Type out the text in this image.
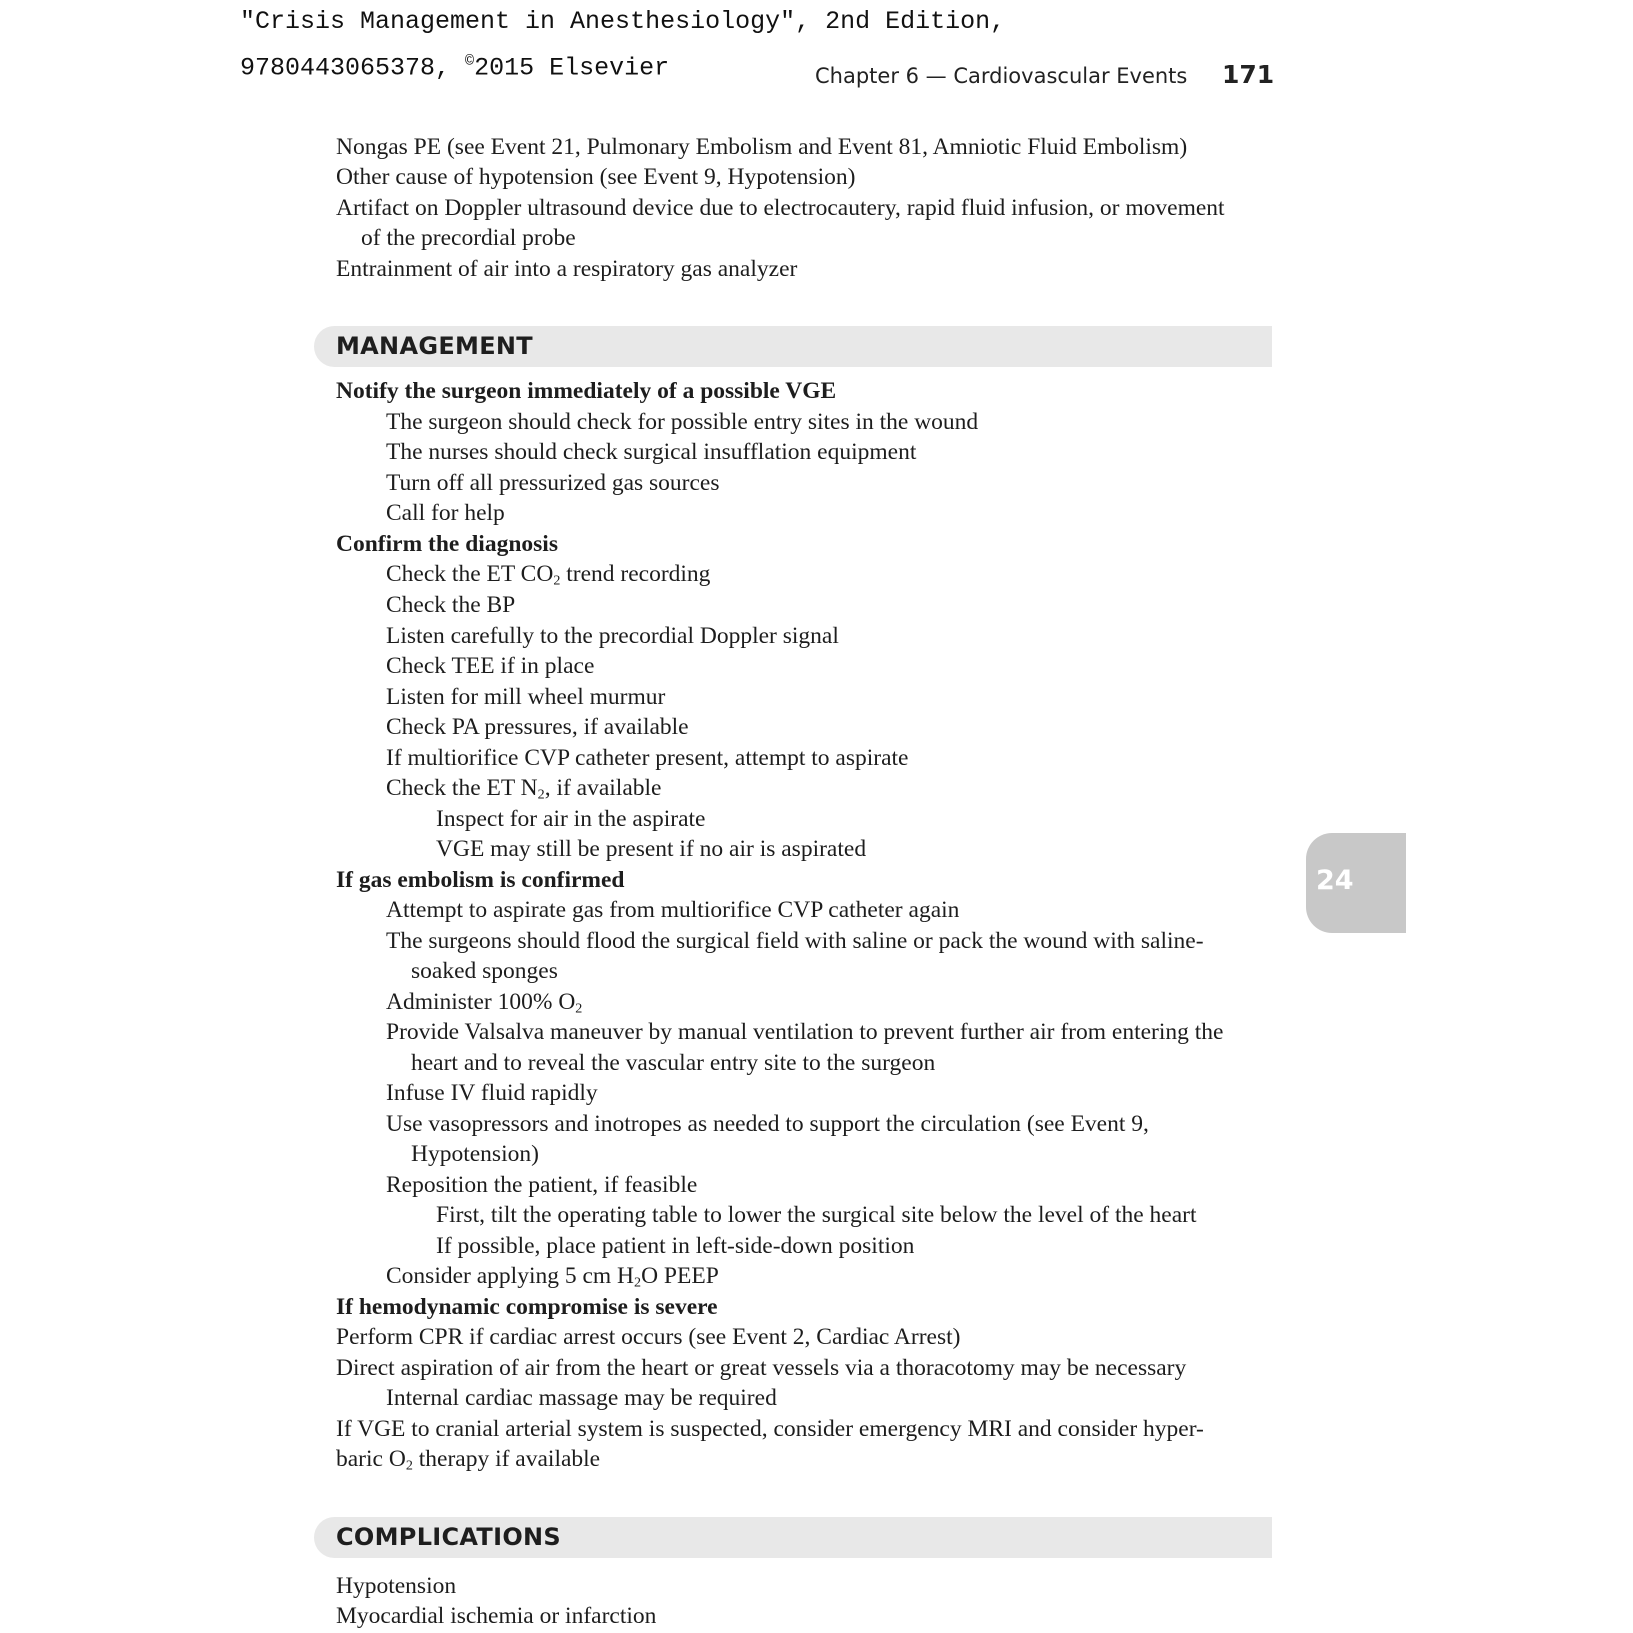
"Crisis Management in Anesthesiology", 2nd Edition,
9780443065378, ©2015 Elsevier	Chapter 6 — Cardiovascular Events 171
24
Nongas PE (see Event 21, Pulmonary Embolism and Event 81, Amniotic Fluid Embolism)
Other cause of hypotension (see Event 9, Hypotension)
Artifact on Doppler ultrasound device due to electrocautery, rapid fluid infusion, or movement
of the precordial probe
Entrainment of air into a respiratory gas analyzer
MANAGEMENT
Notify the surgeon immediately of a possible VGE
The surgeon should check for possible entry sites in the wound
The nurses should check surgical insufflation equipment
Turn off all pressurized gas sources
Call for help
Confirm the diagnosis
Check the ET $CO_2$ trend recording
Check the BP
Listen carefully to the precordial Doppler signal
Check TEE if in place
Listen for mill wheel murmur
Check PA pressures, if available
If multiorifice CVP catheter present, attempt to aspirate
Check the ET $N_2$, if available
Inspect for air in the aspirate
VGE may still be present if no air is aspirated
If gas embolism is confirmed
Attempt to aspirate gas from multiorifice CVP catheter again
The surgeons should flood the surgical field with saline or pack the wound with saline-
soaked sponges
Administer 100% $O_2$
Provide Valsalva maneuver by manual ventilation to prevent further air from entering the
heart and to reveal the vascular entry site to the surgeon
Infuse IV fluid rapidly
Use vasopressors and inotropes as needed to support the circulation (see Event 9,
Hypotension)
Reposition the patient, if feasible
First, tilt the operating table to lower the surgical site below the level of the heart
If possible, place patient in left-side-down position
Consider applying 5 cm $H_2O$ PEEP
If hemodynamic compromise is severe
Perform CPR if cardiac arrest occurs (see Event 2, Cardiac Arrest)
Direct aspiration of air from the heart or great vessels via a thoracotomy may be necessary
Internal cardiac massage may be required
If VGE to cranial arterial system is suspected, consider emergency MRI and consider hyper-
baric $O_2$ therapy if available
COMPLICATIONS
Hypotension
Myocardial ischemia or infarction
